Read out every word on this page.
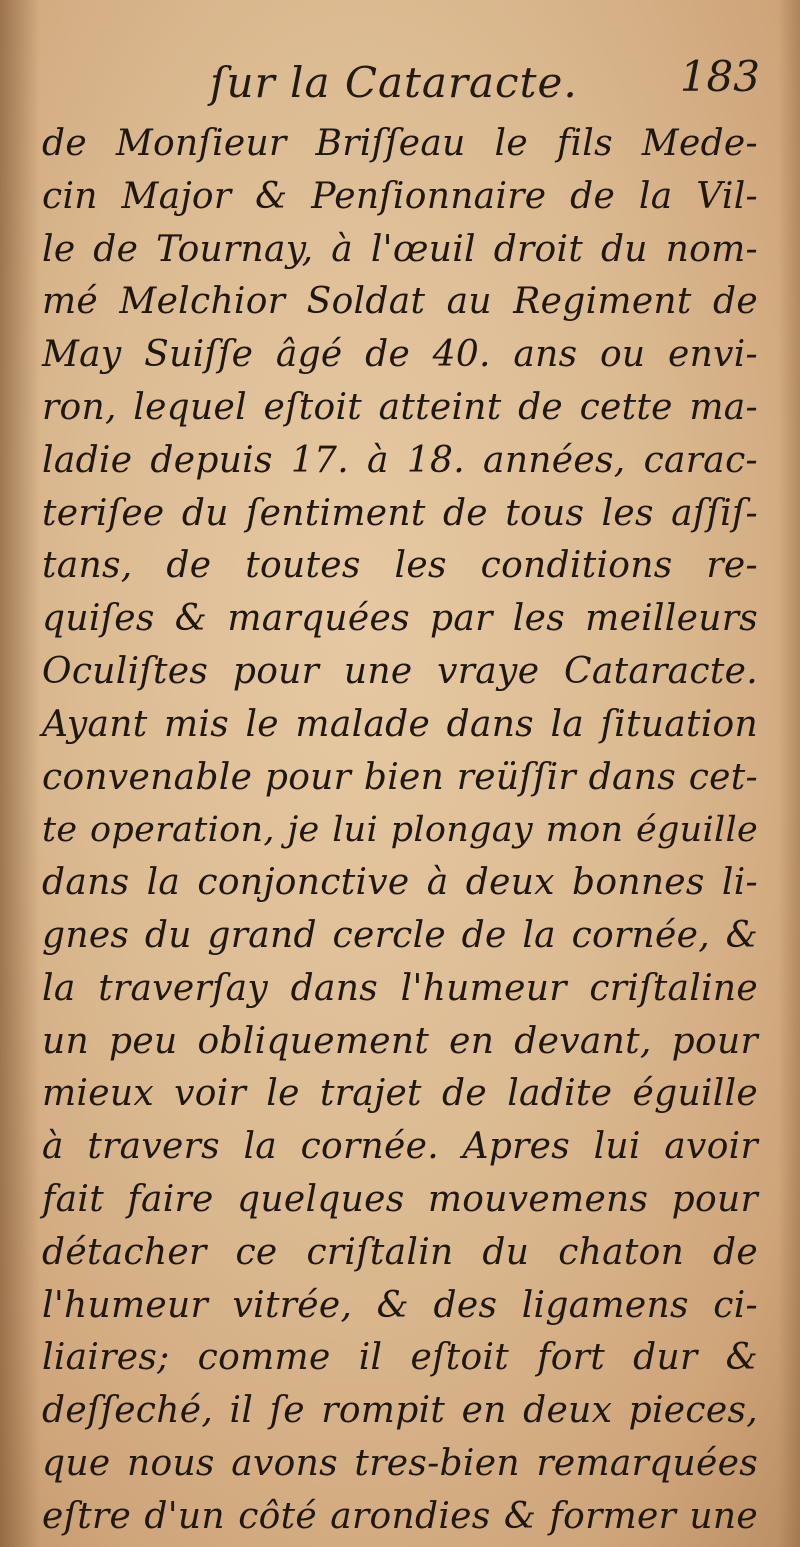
ſur la Cataracte. 183
de Monſieur Briſſeau le fils Mede-
cin Major & Penſionnaire de la Vil-
le de Tournay, à l'œuil droit du nom-
mé Melchior Soldat au Regiment de
May Suiſſe âgé de 40. ans ou envi-
ron, lequel eſtoit atteint de cette ma-
ladie depuis 17. à 18. années, carac-
teriſee du ſentiment de tous les aſſiſ-
tans, de toutes les conditions re-
quiſes & marquées par les meilleurs
Oculiſtes pour une vraye Cataracte.
Ayant mis le malade dans la ſituation
convenable pour bien reüſſir dans cet-
te operation, je lui plongay mon éguille
dans la conjonctive à deux bonnes li-
gnes du grand cercle de la cornée, &
la traverſay dans l'humeur criſtaline
un peu obliquement en devant, pour
mieux voir le trajet de ladite éguille
à travers la cornée. Apres lui avoir
fait faire quelques mouvemens pour
détacher ce criſtalin du chaton de
l'humeur vitrée, & des ligamens ci-
liaires; comme il eſtoit fort dur &
deſſeché, il ſe rompit en deux pieces,
que nous avons tres-bien remarquées
eſtre d'un côté arondies & former une
